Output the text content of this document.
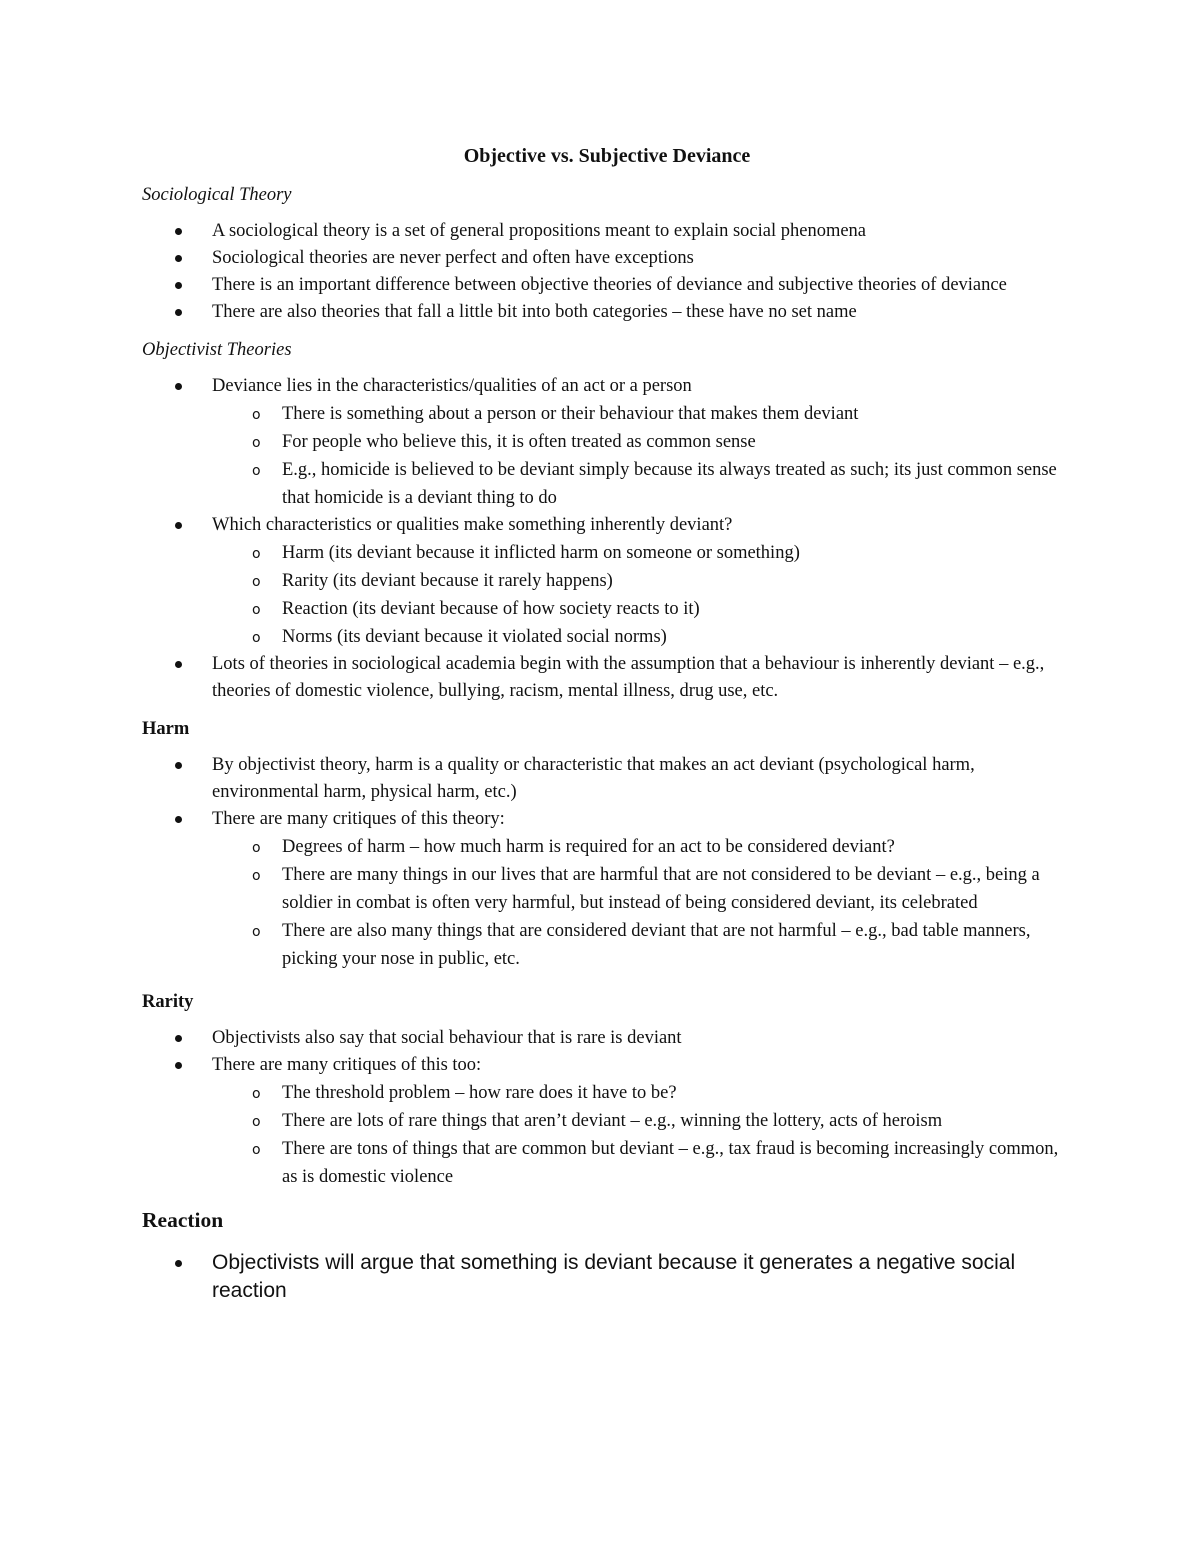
Objective vs. Subjective Deviance
Sociological Theory
A sociological theory is a set of general propositions meant to explain social phenomena
Sociological theories are never perfect and often have exceptions
There is an important difference between objective theories of deviance and subjective theories of deviance
There are also theories that fall a little bit into both categories – these have no set name
Objectivist Theories
Deviance lies in the characteristics/qualities of an act or a person
o There is something about a person or their behaviour that makes them deviant
o For people who believe this, it is often treated as common sense
o E.g., homicide is believed to be deviant simply because its always treated as such; its just common sense that homicide is a deviant thing to do
Which characteristics or qualities make something inherently deviant?
o Harm (its deviant because it inflicted harm on someone or something)
o Rarity (its deviant because it rarely happens)
o Reaction (its deviant because of how society reacts to it)
o Norms (its deviant because it violated social norms)
Lots of theories in sociological academia begin with the assumption that a behaviour is inherently deviant – e.g., theories of domestic violence, bullying, racism, mental illness, drug use, etc.
Harm
By objectivist theory, harm is a quality or characteristic that makes an act deviant (psychological harm, environmental harm, physical harm, etc.)
There are many critiques of this theory:
o Degrees of harm – how much harm is required for an act to be considered deviant?
o There are many things in our lives that are harmful that are not considered to be deviant – e.g., being a soldier in combat is often very harmful, but instead of being considered deviant, its celebrated
o There are also many things that are considered deviant that are not harmful – e.g., bad table manners, picking your nose in public, etc.
Rarity
Objectivists also say that social behaviour that is rare is deviant
There are many critiques of this too:
o The threshold problem – how rare does it have to be?
o There are lots of rare things that aren’t deviant – e.g., winning the lottery, acts of heroism
o There are tons of things that are common but deviant – e.g., tax fraud is becoming increasingly common, as is domestic violence
Reaction
Objectivists will argue that something is deviant because it generates a negative social reaction
